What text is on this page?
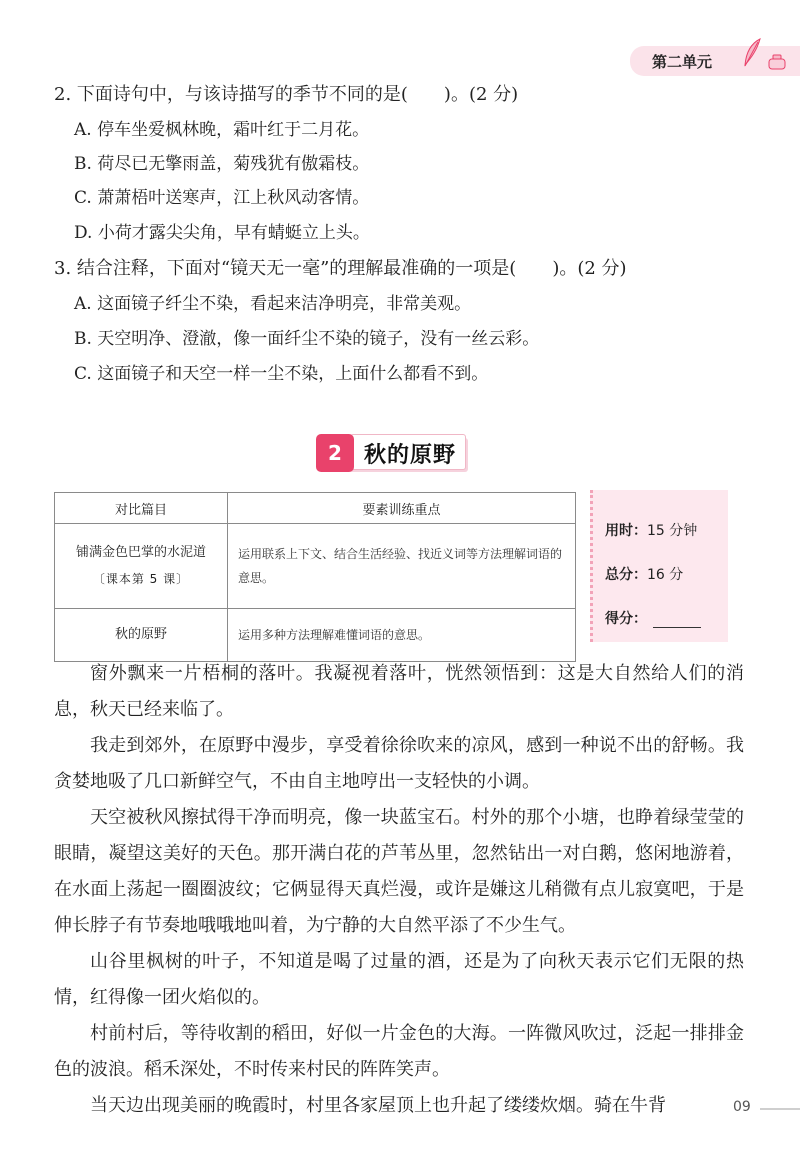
第二单元
2. 下面诗句中，与该诗描写的季节不同的是(　　)。(2 分)
A. 停车坐爱枫林晚，霜叶红于二月花。
B. 荷尽已无擎雨盖，菊残犹有傲霜枝。
C. 萧萧梧叶送寒声，江上秋风动客情。
D. 小荷才露尖尖角，早有蜻蜓立上头。
3. 结合注释，下面对“镜天无一毫”的理解最准确的一项是(　　)。(2 分)
A. 这面镜子纤尘不染，看起来洁净明亮，非常美观。
B. 天空明净、澄澈，像一面纤尘不染的镜子，没有一丝云彩。
C. 这面镜子和天空一样一尘不染，上面什么都看不到。
2	秋的原野
对比篇目	要素训练重点

铺满金色巴掌的水泥道
〔课本第 5 课〕	运用联系上下文、结合生活经验、找近义词等方法理解词语的意思。
秋的原野	运用多种方法理解难懂词语的意思。
用时：15 分钟
总分：16 分
得分：
窗外飘来一片梧桐的落叶。我凝视着落叶，恍然领悟到：这是大自然给人们的消息，秋天已经来临了。
我走到郊外，在原野中漫步，享受着徐徐吹来的凉风，感到一种说不出的舒畅。我贪婪地吸了几口新鲜空气，不由自主地哼出一支轻快的小调。
天空被秋风擦拭得干净而明亮，像一块蓝宝石。村外的那个小塘，也睁着绿莹莹的眼睛，凝望这美好的天色。那开满白花的芦苇丛里，忽然钻出一对白鹅，悠闲地游着，在水面上荡起一圈圈波纹；它俩显得天真烂漫，或许是嫌这儿稍微有点儿寂寞吧，于是伸长脖子有节奏地哦哦地叫着，为宁静的大自然平添了不少生气。
山谷里枫树的叶子，不知道是喝了过量的酒，还是为了向秋天表示它们无限的热情，红得像一团火焰似的。
村前村后，等待收割的稻田，好似一片金色的大海。一阵微风吹过，泛起一排排金色的波浪。稻禾深处，不时传来村民的阵阵笑声。
当天边出现美丽的晚霞时，村里各家屋顶上也升起了缕缕炊烟。骑在牛背	09
